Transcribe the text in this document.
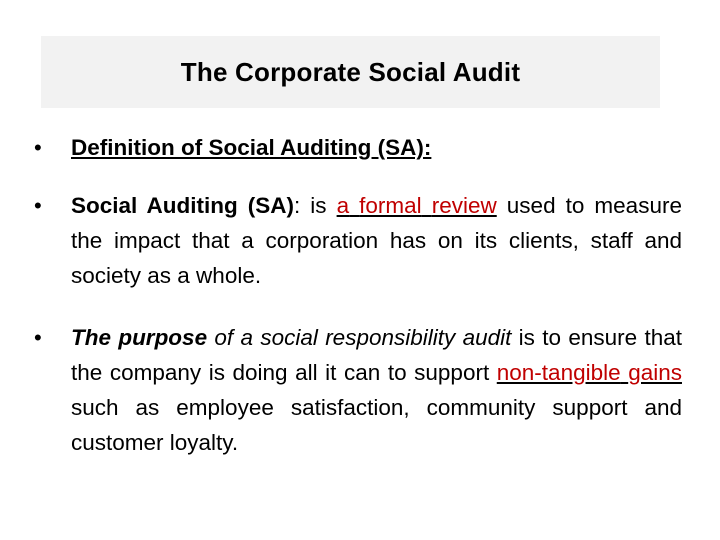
The Corporate Social Audit
• Definition of Social Auditing (SA):
• Social Auditing (SA): is a formal review used to measure the impact that a corporation has on its clients, staff and society as a whole.
• The purpose of a social responsibility audit is to ensure that the company is doing all it can to support non-tangible gains such as employee satisfaction, community support and customer loyalty.
